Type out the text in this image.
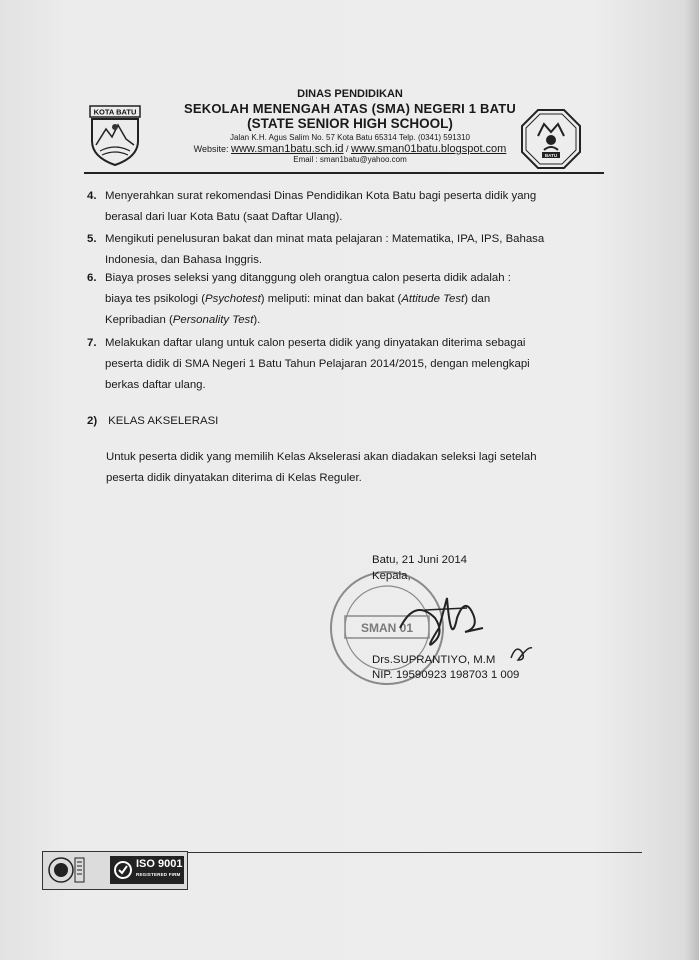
KOTA BATU
DINAS PENDIDIKAN
SEKOLAH MENENGAH ATAS (SMA) NEGERI 1 BATU
(STATE SENIOR HIGH SCHOOL)
Jalan K.H. Agus Salim No. 57 Kota Batu 65314 Telp. (0341) 591310
Website: www.sman1batu.sch.id / www.sman01batu.blogspot.com
Email : sman1batu@yahoo.com	BATU
4. Menyerahkan surat rekomendasi Dinas Pendidikan Kota Batu bagi peserta didik yang
berasal dari luar Kota Batu (saat Daftar Ulang).
5. Mengikuti penelusuran bakat dan minat mata pelajaran : Matematika, IPA, IPS, Bahasa
Indonesia, dan Bahasa Inggris.
6. Biaya proses seleksi yang ditanggung oleh orangtua calon peserta didik adalah :
biaya tes psikologi (Psychotest) meliputi: minat dan bakat (Attitude Test) dan
Kepribadian (Personality Test).
7. Melakukan daftar ulang untuk calon peserta didik yang dinyatakan diterima sebagai
peserta didik di SMA Negeri 1 Batu Tahun Pelajaran 2014/2015, dengan melengkapi
berkas daftar ulang.
2) KELAS AKSELERASI
Untuk peserta didik yang memilih Kelas Akselerasi akan diadakan seleksi lagi setelah
peserta didik dinyatakan diterima di Kelas Reguler.
SMAN 01
Batu, 21 Juni 2014
Kepala,
Drs.SUPRANTIYO, M.M
NIP. 19590923 198703 1 009
ISO 9001
REGISTERED FIRM
